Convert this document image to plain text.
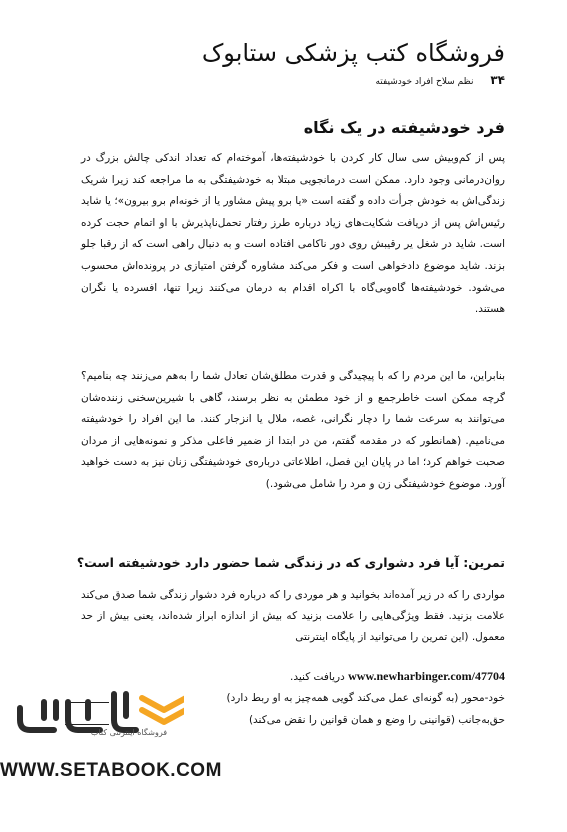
فروشگاه کتب پزشکی ستابوک
۳۴ نظم سلاح افراد خودشیفته
فرد خودشیفته در یک نگاه

پس از کم‌وبیش سی سال کار کردن با خودشیفته‌ها، آموخته‌ام که تعداد اندکی چالش بزرگ در روان‌درمانی وجود دارد. ممکن است درمانجویی مبتلا به خودشیفتگی به ما مراجعه کند زیرا شریک زندگی‌اش به خودش جرأت داده و گفته است «یا برو پیش مشاور یا از خونه‌ام برو بیرون»؛ یا شاید رئیس‌اش پس از دریافت شکایت‌های زیاد درباره طرز رفتار تحمل‌ناپذیرش با او اتمام حجت کرده است. شاید در شغل یر رقیبش روی دور ناکامی افتاده است و به دنبال راهی است که از رقبا جلو بزند. شاید موضوع دادخواهی است و فکر می‌کند مشاوره گرفتن امتیازی در پرونده‌اش محسوب می‌شود. خودشیفته‌ها گاه‌وبی‌گاه با اکراه اقدام به درمان می‌کنند زیرا تنها، افسرده یا نگران هستند.

بنابراین، ما این مردم را که با پیچیدگی و قدرت مطلق‌شان تعادل شما را به‌هم می‌زنند چه بنامیم؟ گرچه ممکن است خاطرجمع و از خود مطمئن به نظر برسند، گاهی با شیرین‌سخنی زننده‌شان می‌توانند به سرعت شما را دچار نگرانی، غصه، ملال یا انزجار کنند. ما این افراد را خودشیفته می‌نامیم. (همانطور که در مقدمه گفتم، من در ابتدا از ضمیر فاعلی مذکر و نمونه‌هایی از مردان صحبت خواهم کرد؛ اما در پایان این فصل، اطلاعاتی درباره‌ی خودشیفتگی زنان نیز به دست خواهید آورد. موضوع خودشیفتگی زن و مرد را شامل می‌شود.)

تمرین: آیا فرد دشواری که در زندگی شما حضور دارد خودشیفته است؟

مواردی را که در زیر آمده‌اند بخوانید و هر موردی را که درباره فرد دشوار زندگی شما صدق می‌کند علامت بزنید. فقط ویژگی‌هایی را علامت بزنید که بیش از اندازه ابراز شده‌اند، یعنی بیش از حد معمول. (این تمرین را می‌توانید از پایگاه اینترنتی

www.newharbinger.com/47704 دریافت کنید.
خود-محور (به گونه‌ای عمل می‌کند گویی همه‌چیز به او ربط دارد)
حق‌به‌جانب (قوانینی را وضع و همان قوانین را نقض می‌کند)
فروشگاه اینترنتی کتاب
WWW.SETABOOK.COM
